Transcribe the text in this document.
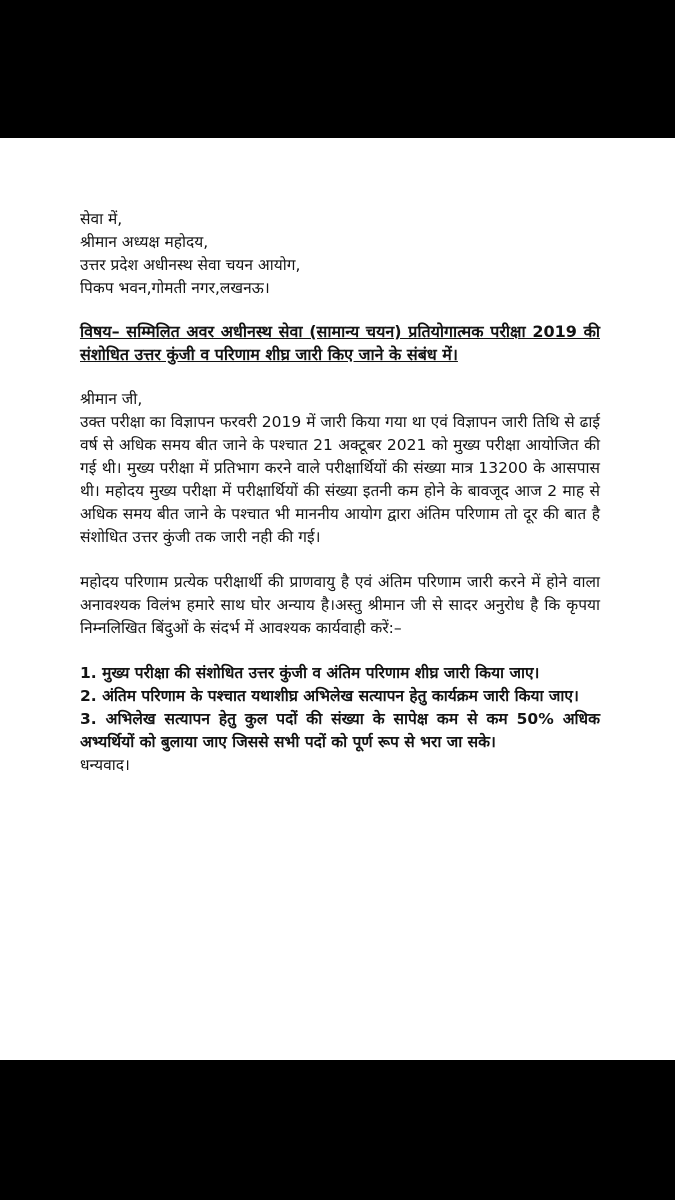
सेवा में,
श्रीमान अध्यक्ष महोदय,
उत्तर प्रदेश अधीनस्थ सेवा चयन आयोग,
पिकप भवन,गोमती नगर,लखनऊ।
विषय– सम्मिलित अवर अधीनस्थ सेवा (सामान्य चयन) प्रतियोगात्मक परीक्षा 2019 की संशोधित उत्तर कुंजी व परिणाम शीघ्र जारी किए जाने के संबंध में।
श्रीमान जी,
उक्त परीक्षा का विज्ञापन फरवरी 2019 में जारी किया गया था एवं विज्ञापन जारी तिथि से ढाई वर्ष से अधिक समय बीत जाने के पश्चात 21 अक्टूबर 2021 को मुख्य परीक्षा आयोजित की गई थी। मुख्य परीक्षा में प्रतिभाग करने वाले परीक्षार्थियों की संख्या मात्र 13200 के आसपास थी। महोदय मुख्य परीक्षा में परीक्षार्थियों की संख्या इतनी कम होने के बावजूद आज 2 माह से अधिक समय बीत जाने के पश्चात भी माननीय आयोग द्वारा अंतिम परिणाम तो दूर की बात है संशोधित उत्तर कुंजी तक जारी नही की गई।
महोदय परिणाम प्रत्येक परीक्षार्थी की प्राणवायु है एवं अंतिम परिणाम जारी करने में होने वाला अनावश्यक विलंभ हमारे साथ घोर अन्याय है।अस्तु श्रीमान जी से सादर अनुरोध है कि कृपया निम्नलिखित बिंदुओं के संदर्भ में आवश्यक कार्यवाही करें:–
1. मुख्य परीक्षा की संशोधित उत्तर कुंजी व अंतिम परिणाम शीघ्र जारी किया जाए।
2. अंतिम परिणाम के पश्चात यथाशीघ्र अभिलेख सत्यापन हेतु कार्यक्रम जारी किया जाए।
3. अभिलेख सत्यापन हेतु कुल पदों की संख्या के सापेक्ष कम से कम 50% अधिक अभ्यर्थियों को बुलाया जाए जिससे सभी पदों को पूर्ण रूप से भरा जा सके।
धन्यवाद।
